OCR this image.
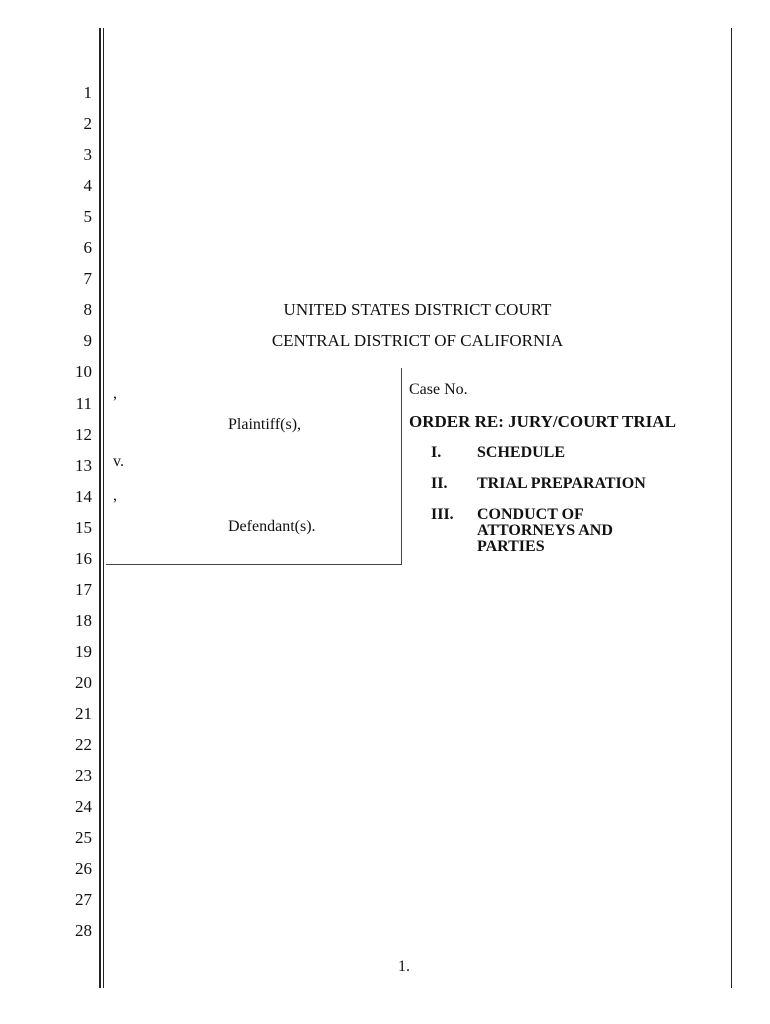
1
2
3
4
5
6
7
8
9
10
11
12
13
14
15
16
17
18
19
20
21
22
23
24
25
26
27
28
UNITED STATES DISTRICT COURT
CENTRAL DISTRICT OF CALIFORNIA
,
Plaintiff(s),
v.
,
Defendant(s).
Case No.
ORDER RE: JURY/COURT TRIAL
I. SCHEDULE
II. TRIAL PREPARATION
III. CONDUCT OF ATTORNEYS AND PARTIES
1.
